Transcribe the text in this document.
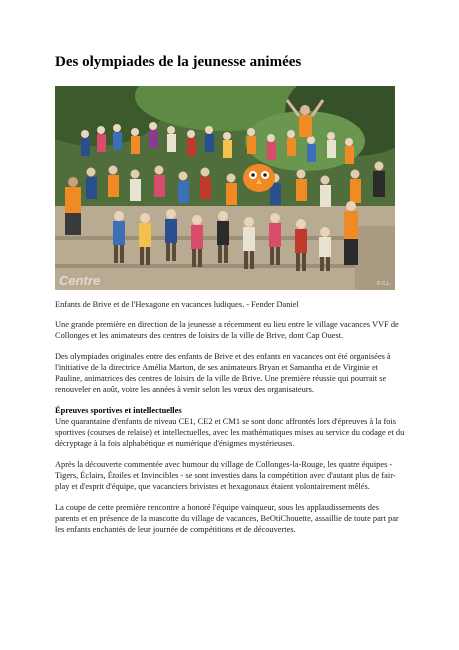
Des olympiades de la jeunesse animées
Centre	© C.L.

Enfants de Brive et de l'Hexagone en vacances ludiques. - Fender Daniel

Une grande première en direction de la jeunesse a récemment eu lieu entre le village vacances VVF de Collonges et les animateurs des centres de loisirs de la ville de Brive, dont Cap Ouest.

Des olympiades originales entre des enfants de Brive et des enfants en vacances ont été organisées à l'initiative de la directrice Amélia Marton, de ses animateurs Bryan et Samantha et de Virginie et Pauline, animatrices des centres de loisirs de la ville de Brive. Une première réussie qui pourrait se renouveler en août, voire les années à venir selon les vœux des organisateurs.

Épreuves sportives et intellectuelles
Une quarantaine d'enfants de niveau CE1, CE2 et CM1 se sont donc affrontés lors d'épreuves à la fois sportives (courses de relaise) et intellectuelles, avec les mathématiques mises au service du codage et du décryptage à la fois alphabétique et numérique d'énigmes mystérieuses.

Après la découverte commentée avec humour du village de Collonges-la-Rouge, les quatre équipes - Tigers, Éclairs, Étoiles et Invincibles - se sont investies dans la compétition avec d'autant plus de fair-play et d'esprit d'équipe, que vacanciers brivistes et hexagonaux étaient volontairement mêlés.

La coupe de cette première rencontre a honoré l'équipe vainqueur, sous les applaudissements des parents et en présence de la mascotte du village de vacances, BeOtiChouette, assaillie de toute part par les enfants enchantés de leur journée de compétitions et de découvertes.
